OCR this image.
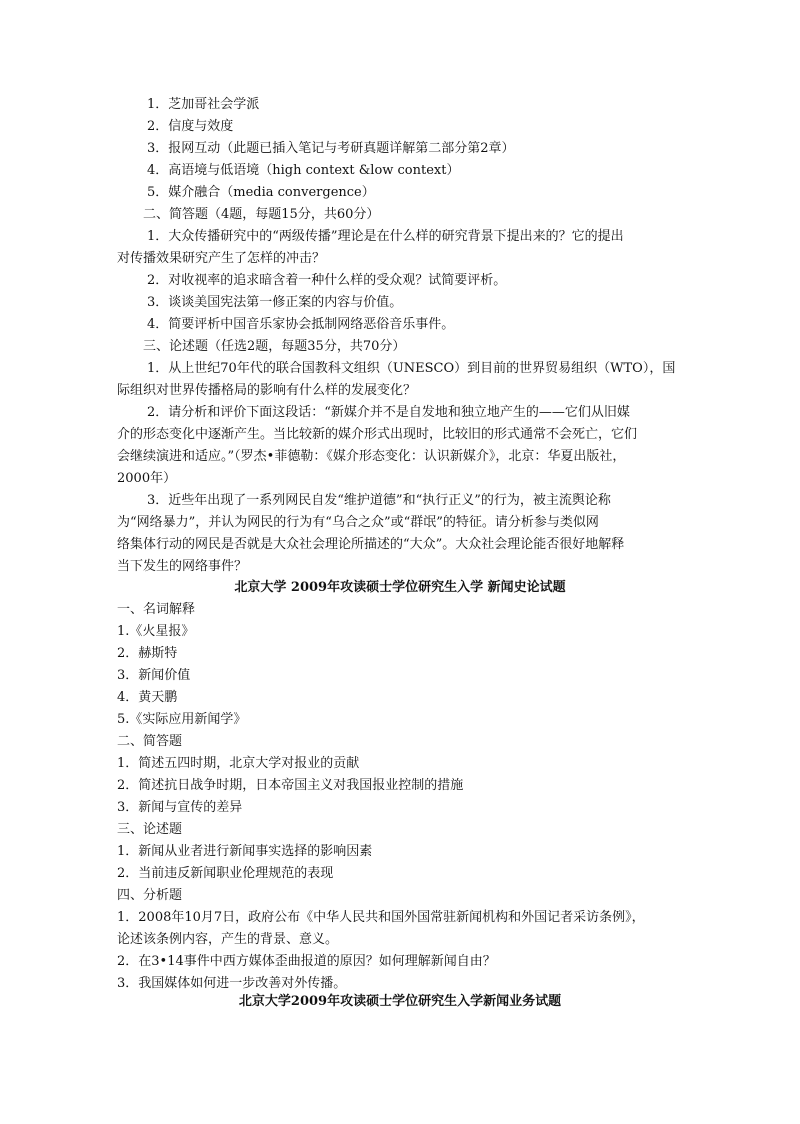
1．芝加哥社会学派
2．信度与效度
3．报网互动（此题已插入笔记与考研真题详解第二部分第2章）
4．高语境与低语境（high context &low context）
5．媒介融合（media convergence）
二、简答题（4题，每题15分，共60分）
1．大众传播研究中的“两级传播”理论是在什么样的研究背景下提出来的？它的提出
对传播效果研究产生了怎样的冲击？
2．对收视率的追求暗含着一种什么样的受众观？试简要评析。
3．谈谈美国宪法第一修正案的内容与价值。
4．简要评析中国音乐家协会抵制网络恶俗音乐事件。
三、论述题（任选2题，每题35分，共70分）
1．从上世纪70年代的联合国教科文组织（UNESCO）到目前的世界贸易组织（WTO），国
际组织对世界传播格局的影响有什么样的发展变化？
2．请分析和评价下面这段话：“新媒介并不是自发地和独立地产生的——它们从旧媒
介的形态变化中逐渐产生。当比较新的媒介形式出现时，比较旧的形式通常不会死亡，它们
会继续演进和适应。”（罗杰•菲德勒：《媒介形态变化：认识新媒介》，北京：华夏出版社，
2000年）
3．近些年出现了一系列网民自发“维护道德”和“执行正义”的行为，被主流舆论称
为“网络暴力”，并认为网民的行为有“乌合之众”或“群氓”的特征。请分析参与类似网
络集体行动的网民是否就是大众社会理论所描述的“大众”。大众社会理论能否很好地解释
当下发生的网络事件？
北京大学 2009年攻读硕士学位研究生入学 新闻史论试题
一、名词解释
1.《火星报》
2．赫斯特
3．新闻价值
4．黄天鹏
5.《实际应用新闻学》
二、简答题
1．简述五四时期，北京大学对报业的贡献
2．简述抗日战争时期，日本帝国主义对我国报业控制的措施
3．新闻与宣传的差异
三、论述题
1．新闻从业者进行新闻事实选择的影响因素
2．当前违反新闻职业伦理规范的表现
四、分析题
1．2008年10月7日，政府公布《中华人民共和国外国常驻新闻机构和外国记者采访条例》，
论述该条例内容，产生的背景、意义。
2．在3•14事件中西方媒体歪曲报道的原因？如何理解新闻自由？
3．我国媒体如何进一步改善对外传播。
北京大学2009年攻读硕士学位研究生入学新闻业务试题
